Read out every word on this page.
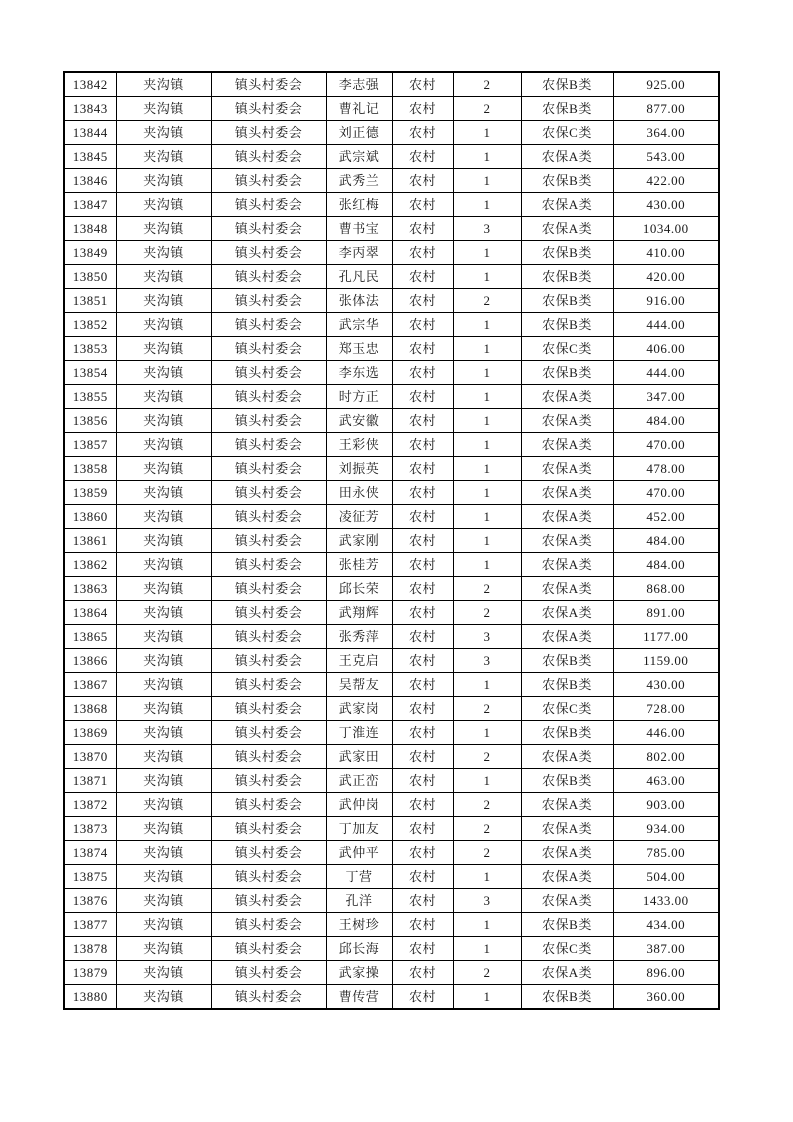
13842	夹沟镇	镇头村委会	李志强	农村	2	农保B类	925.00
13843	夹沟镇	镇头村委会	曹礼记	农村	2	农保B类	877.00
13844	夹沟镇	镇头村委会	刘正德	农村	1	农保C类	364.00
13845	夹沟镇	镇头村委会	武宗斌	农村	1	农保A类	543.00
13846	夹沟镇	镇头村委会	武秀兰	农村	1	农保B类	422.00
13847	夹沟镇	镇头村委会	张红梅	农村	1	农保A类	430.00
13848	夹沟镇	镇头村委会	曹书宝	农村	3	农保A类	1034.00
13849	夹沟镇	镇头村委会	李丙翠	农村	1	农保B类	410.00
13850	夹沟镇	镇头村委会	孔凡民	农村	1	农保B类	420.00
13851	夹沟镇	镇头村委会	张体法	农村	2	农保B类	916.00
13852	夹沟镇	镇头村委会	武宗华	农村	1	农保B类	444.00
13853	夹沟镇	镇头村委会	郑玉忠	农村	1	农保C类	406.00
13854	夹沟镇	镇头村委会	李东选	农村	1	农保B类	444.00
13855	夹沟镇	镇头村委会	时方正	农村	1	农保A类	347.00
13856	夹沟镇	镇头村委会	武安徽	农村	1	农保A类	484.00
13857	夹沟镇	镇头村委会	王彩侠	农村	1	农保A类	470.00
13858	夹沟镇	镇头村委会	刘振英	农村	1	农保A类	478.00
13859	夹沟镇	镇头村委会	田永侠	农村	1	农保A类	470.00
13860	夹沟镇	镇头村委会	凌征芳	农村	1	农保A类	452.00
13861	夹沟镇	镇头村委会	武家刚	农村	1	农保A类	484.00
13862	夹沟镇	镇头村委会	张桂芳	农村	1	农保A类	484.00
13863	夹沟镇	镇头村委会	邱长荣	农村	2	农保A类	868.00
13864	夹沟镇	镇头村委会	武翔辉	农村	2	农保A类	891.00
13865	夹沟镇	镇头村委会	张秀萍	农村	3	农保A类	1177.00
13866	夹沟镇	镇头村委会	王克启	农村	3	农保B类	1159.00
13867	夹沟镇	镇头村委会	吴帮友	农村	1	农保B类	430.00
13868	夹沟镇	镇头村委会	武家岗	农村	2	农保C类	728.00
13869	夹沟镇	镇头村委会	丁淮连	农村	1	农保B类	446.00
13870	夹沟镇	镇头村委会	武家田	农村	2	农保A类	802.00
13871	夹沟镇	镇头村委会	武正峦	农村	1	农保B类	463.00
13872	夹沟镇	镇头村委会	武仲岗	农村	2	农保A类	903.00
13873	夹沟镇	镇头村委会	丁加友	农村	2	农保A类	934.00
13874	夹沟镇	镇头村委会	武仲平	农村	2	农保A类	785.00
13875	夹沟镇	镇头村委会	丁营	农村	1	农保A类	504.00
13876	夹沟镇	镇头村委会	孔洋	农村	3	农保A类	1433.00
13877	夹沟镇	镇头村委会	王树珍	农村	1	农保B类	434.00
13878	夹沟镇	镇头村委会	邱长海	农村	1	农保C类	387.00
13879	夹沟镇	镇头村委会	武家操	农村	2	农保A类	896.00
13880	夹沟镇	镇头村委会	曹传营	农村	1	农保B类	360.00
